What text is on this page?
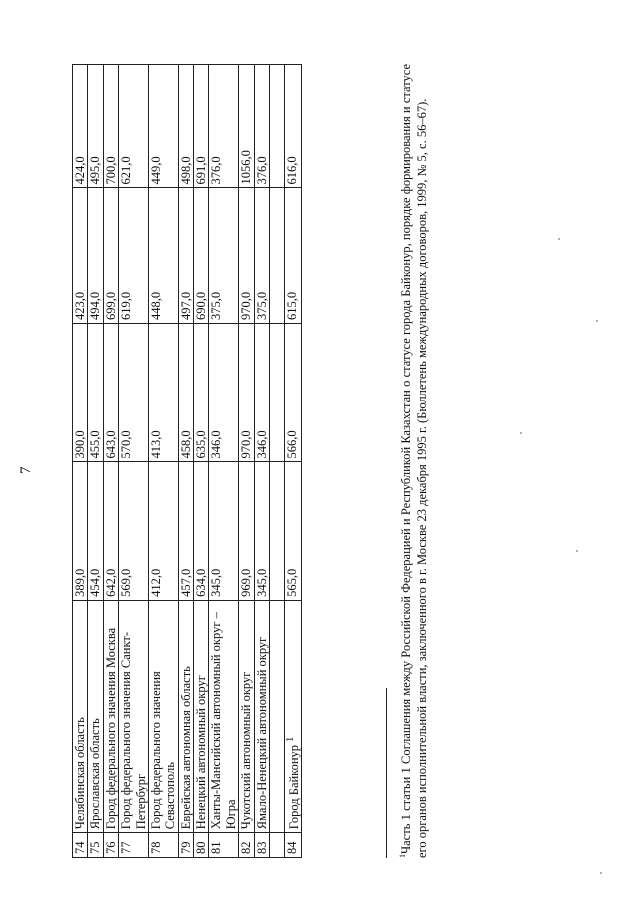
7
74	Челябинская область	389,0	390,0	423,0	424,0
75	Ярославская область	454,0	455,0	494,0	495,0
76	Город федерального значения Москва	642,0	643,0	699,0	700,0
77	Город федерального значения Санкт-Петербург	569,0	570,0	619,0	621,0
78	Город федерального значения Севастополь	412,0	413,0	448,0	449,0
79	Еврейская автономная область	457,0	458,0	497,0	498,0
80	Ненецкий автономный округ	634,0	635,0	690,0	691,0
81	Ханты-Мансийский автономный округ – Югра	345,0	346,0	375,0	376,0
82	Чукотский автономный округ	969,0	970,0	970,0	1056,0
83	Ямало-Ненецкий автономный округ	345,0	346,0	375,0	376,0

84	Город Байконур $^1$	565,0	566,0	615,0	616,0
$^1$Часть 1 статьи 1 Соглашения между Российской Федерацией и Республикой Казахстан о статусе города Байконур, порядке формирования и статусе его органов исполнительной власти, заключенного в г. Москве 23 декабря 1995 г. (Бюллетень международных договоров, 1999, № 5, с. 56–67).
